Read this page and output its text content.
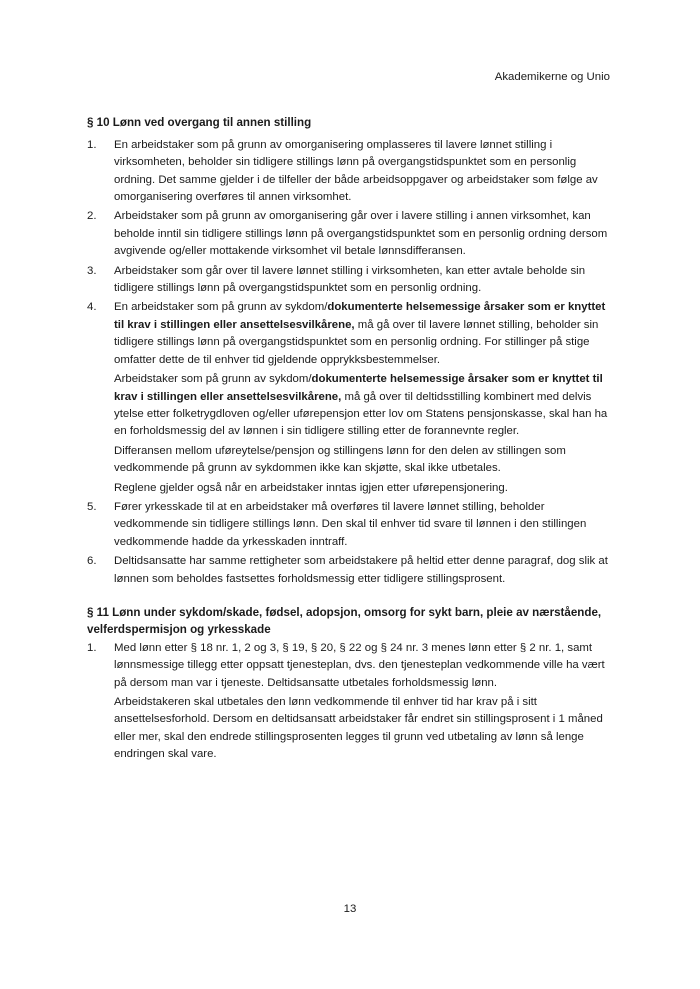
Akademikerne og Unio
§ 10 Lønn ved overgang til annen stilling
1.	En arbeidstaker som på grunn av omorganisering omplasseres til lavere lønnet stilling i virksomheten, beholder sin tidligere stillings lønn på overgangstidspunktet som en personlig ordning. Det samme gjelder i de tilfeller der både arbeidsoppgaver og arbeidstaker som følge av omorganisering overføres til annen virksomhet.

2.	Arbeidstaker som på grunn av omorganisering går over i lavere stilling i annen virksomhet, kan beholde inntil sin tidligere stillings lønn på overgangstidspunktet som en personlig ordning dersom avgivende og/eller mottakende virksomhet vil betale lønnsdifferansen.

3.	Arbeidstaker som går over til lavere lønnet stilling i virksomheten, kan etter avtale beholde sin tidligere stillings lønn på overgangstidspunktet som en personlig ordning.

4.	En arbeidstaker som på grunn av sykdom/dokumenterte helsemessige årsaker som er knyttet til krav i stillingen eller ansettelsesvilkårene, må gå over til lavere lønnet stilling, beholder sin tidligere stillings lønn på overgangstidspunktet som en personlig ordning. For stillinger på stige omfatter dette de til enhver tid gjeldende opprykksbestemmelser.

Arbeidstaker som på grunn av sykdom/dokumenterte helsemessige årsaker som er knyttet til krav i stillingen eller ansettelsesvilkårene, må gå over til deltidsstilling kombinert med delvis ytelse etter folketrygdloven og/eller uførepensjon etter lov om Statens pensjonskasse, skal han ha en forholdsmessig del av lønnen i sin tidligere stilling etter de forannevnte regler.

Differansen mellom uføreytelse/pensjon og stillingens lønn for den delen av stillingen som vedkommende på grunn av sykdommen ikke kan skjøtte, skal ikke utbetales.

Reglene gjelder også når en arbeidstaker inntas igjen etter uførepensjonering.

5.	Fører yrkesskade til at en arbeidstaker må overføres til lavere lønnet stilling, beholder vedkommende sin tidligere stillings lønn. Den skal til enhver tid svare til lønnen i den stillingen vedkommende hadde da yrkesskaden inntraff.

6.	Deltidsansatte har samme rettigheter som arbeidstakere på heltid etter denne paragraf, dog slik at lønnen som beholdes fastsettes forholdsmessig etter tidligere stillingsprosent.

§ 11 Lønn under sykdom/skade, fødsel, adopsjon, omsorg for sykt barn, pleie av nærstående, velferdspermisjon og yrkesskade
1.	Med lønn etter § 18 nr. 1, 2 og 3, § 19, § 20, § 22 og § 24 nr. 3 menes lønn etter § 2 nr. 1, samt lønnsmessige tillegg etter oppsatt tjenesteplan, dvs. den tjenesteplan vedkommende ville ha vært på dersom man var i tjeneste. Deltidsansatte utbetales forholdsmessig lønn.

Arbeidstakeren skal utbetales den lønn vedkommende til enhver tid har krav på i sitt ansettelsesforhold. Dersom en deltidsansatt arbeidstaker får endret sin stillingsprosent i 1 måned eller mer, skal den endrede stillingsprosenten legges til grunn ved utbetaling av lønn så lenge endringen skal vare.

13
